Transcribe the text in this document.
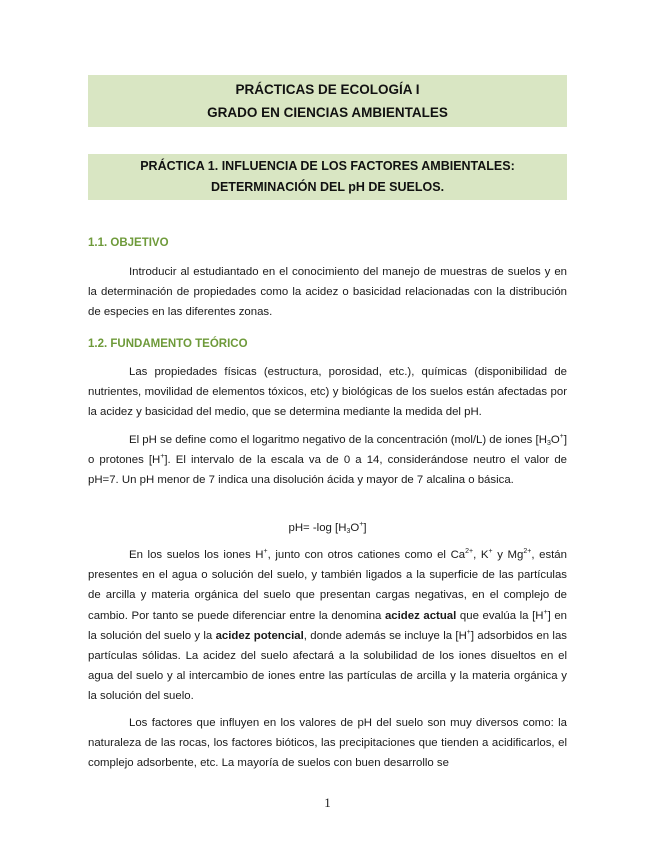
PRÁCTICAS DE ECOLOGÍA I
GRADO EN CIENCIAS AMBIENTALES
PRÁCTICA 1. INFLUENCIA DE LOS FACTORES AMBIENTALES:
DETERMINACIÓN DEL pH DE SUELOS.
1.1. OBJETIVO

Introducir al estudiantado en el conocimiento del manejo de muestras de suelos y en la determinación de propiedades como la acidez o basicidad relacionadas con la distribución de especies en las diferentes zonas.

1.2. FUNDAMENTO TEÓRICO

Las propiedades físicas (estructura, porosidad, etc.), químicas (disponibilidad de nutrientes, movilidad de elementos tóxicos, etc) y biológicas de los suelos están afectadas por la acidez y basicidad del medio, que se determina mediante la medida del pH.

El pH se define como el logaritmo negativo de la concentración (mol/L) de iones $[H_3O^+]$ o protones [H+]. El intervalo de la escala va de 0 a 14, considerándose neutro el valor de pH=7. Un pH menor de 7 indica una disolución ácida y mayor de 7 alcalina o básica.

pH= -log $[H_3O^+]$

En los suelos los iones H+, junto con otros cationes como el $Ca^{2+}$, K+ y $Mg^{2+}$, están presentes en el agua o solución del suelo, y también ligados a la superficie de las partículas de arcilla y materia orgánica del suelo que presentan cargas negativas, en el complejo de cambio. Por tanto se puede diferenciar entre la denomina acidez actual que evalúa la [H+] en la solución del suelo y la acidez potencial, donde además se incluye la [H+] adsorbidos en las partículas sólidas. La acidez del suelo afectará a la solubilidad de los iones disueltos en el agua del suelo y al intercambio de iones entre las partículas de arcilla y la materia orgánica y la solución del suelo.

Los factores que influyen en los valores de pH del suelo son muy diversos como: la naturaleza de las rocas, los factores bióticos, las precipitaciones que tienden a acidificarlos, el complejo adsorbente, etc. La mayoría de suelos con buen desarrollo se

1
